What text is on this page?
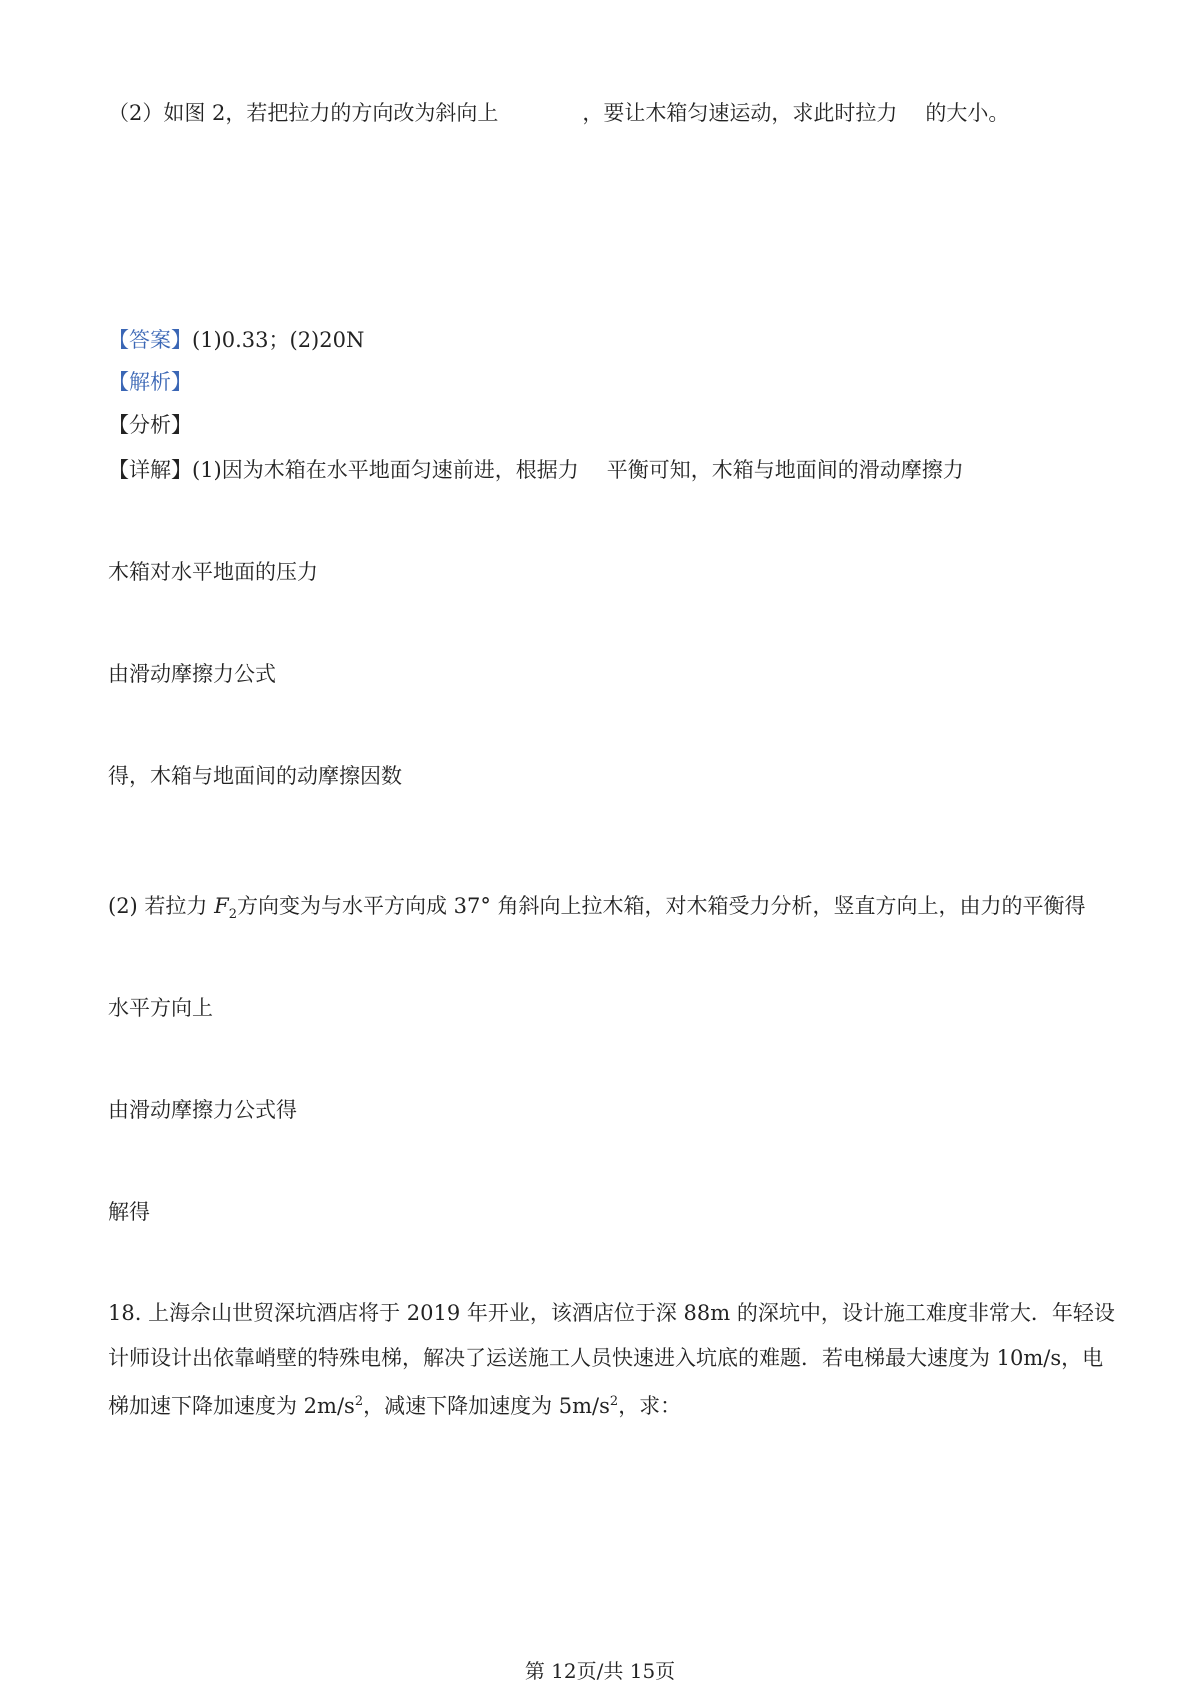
（2）如图 2，若把拉力的方向改为斜向上	，要让木箱匀速运动，求此时拉力 的大小。
【答案】(1)0.33；(2)20N
【解析】
【分析】
【详解】(1)因为木箱在水平地面匀速前进，根据力 平衡可知，木箱与地面间的滑动摩擦力
木箱对水平地面的压力
由滑动摩擦力公式
得，木箱与地面间的动摩擦因数
(2) 若拉力 $F_2$方向变为与水平方向成 37° 角斜向上拉木箱，对木箱受力分析，竖直方向上，由力的平衡得
水平方向上
由滑动摩擦力公式得
解得
18. 上海佘山世贸深坑酒店将于 2019 年开业，该酒店位于深 88m 的深坑中，设计施工难度非常大．年轻设
计师设计出依靠峭壁的特殊电梯，解决了运送施工人员快速进入坑底的难题．若电梯最大速度为 10m/s，电
梯加速下降加速度为 $2m/s^2$，减速下降加速度为 $5m/s^2$，求：
第 12页/共 15页
